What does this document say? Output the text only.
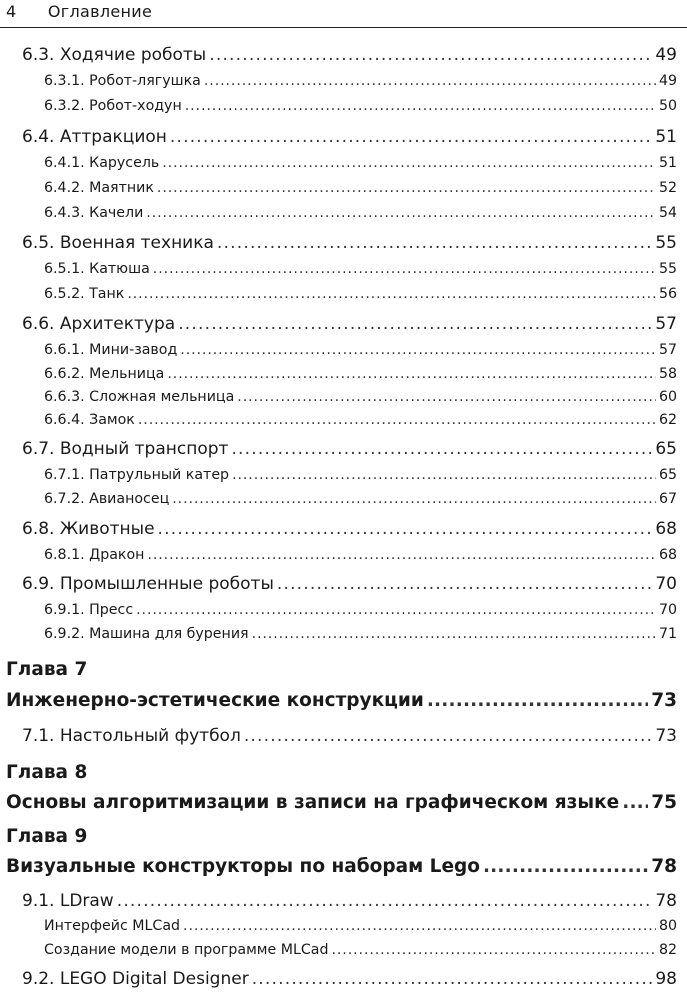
4 Оглавление
6.3. Ходячие роботы .....	49
6.3.1. Робот-лягушка .....	49
6.3.2. Робот-ходун .....	50
6.4. Аттракцион .....	51
6.4.1. Карусель .....	51
6.4.2. Маятник .....	52
6.4.3. Качели .....	54
6.5. Военная техника .....	55
6.5.1. Катюша .....	55
6.5.2. Танк .....	56
6.6. Архитектура .....	57
6.6.1. Мини-завод .....	57
6.6.2. Мельница .....	58
6.6.3. Сложная мельница .....	60
6.6.4. Замок .....	62
6.7. Водный транспорт .....	65
6.7.1. Патрульный катер .....	65
6.7.2. Авианосец .....	67
6.8. Животные .....	68
6.8.1. Дракон .....	68
6.9. Промышленные роботы .....	70
6.9.1. Пресс .....	70
6.9.2. Машина для бурения .....	71
Глава 7
Инженерно-эстетические конструкции .....	73
7.1. Настольный футбол .....	73
Глава 8
Основы алгоритмизации в записи на графическом языке ..... 75
Глава 9
Визуальные конструкторы по наборам Lego .....	78
9.1. LDraw .....	78
Интерфейс MLCad .....	80
Создание модели в программе MLCad .....	82
9.2. LEGO Digital Designer .....	98
